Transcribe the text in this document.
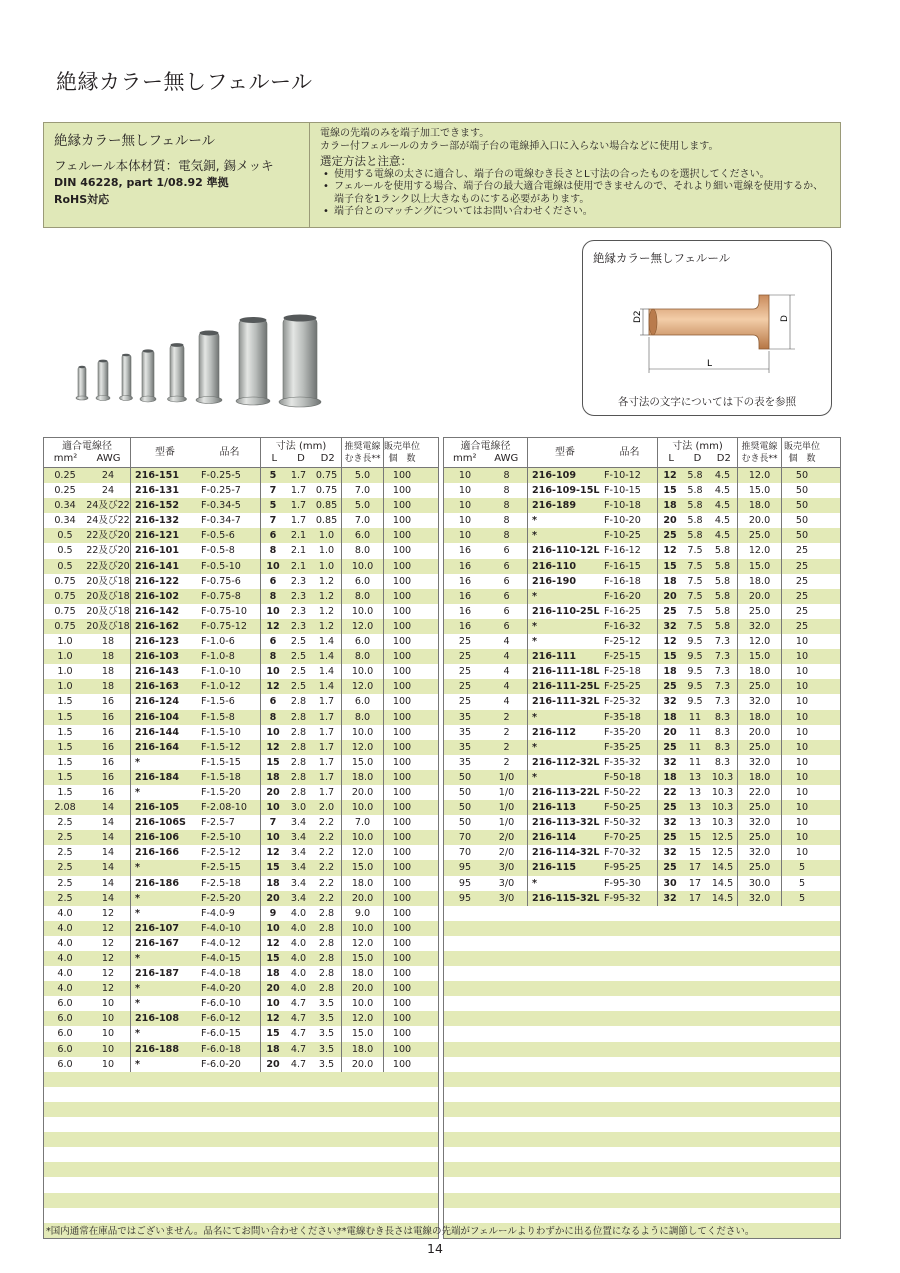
絶縁カラー無しフェルール
絶縁カラー無しフェルール
フェルール本体材質：電気銅, 錫メッキ
DIN 46228, part 1/08.92 準拠
RoHS対応
電線の先端のみを端子加工できます。
カラー付フェルールのカラー部が端子台の電線挿入口に入らない場合などに使用します。
選定方法と注意：
• 使用する電線の太さに適合し、端子台の電線むき長さとL寸法の合ったものを選択してください。
• フェルールを使用する場合、端子台の最大適合電線は使用できませんので、それより細い電線を使用するか、端子台を1ランク以上大きなものにする必要があります。
• 端子台とのマッチングについてはお問い合わせください。
絶縁カラー無しフェルール
D2	D
L
各寸法の文字については下の表を参照
適合電線径
mm²	AWG
型番	品名
寸法 (mm)
L	D	D2
推奨電線
むき長**
販売単位
個　数
0.25	24	216-151	F-0.25-5	5	1.7	0.75	5.0	100
0.25	24	216-131	F-0.25-7	7	1.7	0.75	7.0	100
0.34	24及び22 216-152	F-0.34-5	5	1.7	0.85	5.0	100
0.34	24及び22 216-132	F-0.34-7	7	1.7	0.85	7.0	100
0.5	22及び20 216-121	F-0.5-6	6	2.1	1.0	6.0	100
0.5	22及び20 216-101	F-0.5-8	8	2.1	1.0	8.0	100
0.5	22及び20 216-141	F-0.5-10	10	2.1	1.0	10.0	100
0.75	20及び18 216-122	F-0.75-6	6	2.3	1.2	6.0	100
0.75	20及び18 216-102	F-0.75-8	8	2.3	1.2	8.0	100
0.75	20及び18 216-142	F-0.75-10	10	2.3	1.2	10.0	100
0.75	20及び18 216-162	F-0.75-12	12	2.3	1.2	12.0	100
1.0	18	216-123	F-1.0-6	6	2.5	1.4	6.0	100
1.0	18	216-103	F-1.0-8	8	2.5	1.4	8.0	100
1.0	18	216-143	F-1.0-10	10	2.5	1.4	10.0	100
1.0	18	216-163	F-1.0-12	12	2.5	1.4	12.0	100
1.5	16	216-124	F-1.5-6	6	2.8	1.7	6.0	100
1.5	16	216-104	F-1.5-8	8	2.8	1.7	8.0	100
1.5	16	216-144	F-1.5-10	10	2.8	1.7	10.0	100
1.5	16	216-164	F-1.5-12	12	2.8	1.7	12.0	100
1.5	16	*	F-1.5-15	15	2.8	1.7	15.0	100
1.5	16	216-184	F-1.5-18	18	2.8	1.7	18.0	100
1.5	16	*	F-1.5-20	20	2.8	1.7	20.0	100
2.08	14	216-105	F-2.08-10	10	3.0	2.0	10.0	100
2.5	14	216-106S	F-2.5-7	7	3.4	2.2	7.0	100
2.5	14	216-106	F-2.5-10	10	3.4	2.2	10.0	100
2.5	14	216-166	F-2.5-12	12	3.4	2.2	12.0	100
2.5	14	*	F-2.5-15	15	3.4	2.2	15.0	100
2.5	14	216-186	F-2.5-18	18	3.4	2.2	18.0	100
2.5	14	*	F-2.5-20	20	3.4	2.2	20.0	100
4.0	12	*	F-4.0-9	9	4.0	2.8	9.0	100
4.0	12	216-107	F-4.0-10	10	4.0	2.8	10.0	100
4.0	12	216-167	F-4.0-12	12	4.0	2.8	12.0	100
4.0	12	*	F-4.0-15	15	4.0	2.8	15.0	100
4.0	12	216-187	F-4.0-18	18	4.0	2.8	18.0	100
4.0	12	*	F-4.0-20	20	4.0	2.8	20.0	100
6.0	10	*	F-6.0-10	10	4.7	3.5	10.0	100
6.0	10	216-108	F-6.0-12	12	4.7	3.5	12.0	100
6.0	10	*	F-6.0-15	15	4.7	3.5	15.0	100
6.0	10	216-188	F-6.0-18	18	4.7	3.5	18.0	100
6.0	10	*	F-6.0-20	20	4.7	3.5	20.0	100
適合電線径
mm²	AWG
型番	品名
寸法 (mm)
L	D	D2
推奨電線
むき長**
販売単位
個　数
10	8	216-109	F-10-12	12	5.8	4.5	12.0	50
10	8	216-109-15L F-10-15	15	5.8	4.5	15.0	50
10	8	216-189	F-10-18	18	5.8	4.5	18.0	50
10	8	*	F-10-20	20	5.8	4.5	20.0	50
10	8	*	F-10-25	25	5.8	4.5	25.0	50
16	6	216-110-12L F-16-12	12	7.5	5.8	12.0	25
16	6	216-110	F-16-15	15	7.5	5.8	15.0	25
16	6	216-190	F-16-18	18	7.5	5.8	18.0	25
16	6	*	F-16-20	20	7.5	5.8	20.0	25
16	6	216-110-25L F-16-25	25	7.5	5.8	25.0	25
16	6	*	F-16-32	32	7.5	5.8	32.0	25
25	4	*	F-25-12	12	9.5	7.3	12.0	10
25	4	216-111	F-25-15	15	9.5	7.3	15.0	10
25	4	216-111-18L F-25-18	18	9.5	7.3	18.0	10
25	4	216-111-25L F-25-25	25	9.5	7.3	25.0	10
25	4	216-111-32L F-25-32	32	9.5	7.3	32.0	10
35	2	*	F-35-18	18	11	8.3	18.0	10
35	2	216-112	F-35-20	20	11	8.3	20.0	10
35	2	*	F-35-25	25	11	8.3	25.0	10
35	2	216-112-32L F-35-32	32	11	8.3	32.0	10
50	1/0	*	F-50-18	18	13	10.3	18.0	10
50	1/0	216-113-22L F-50-22	22	13	10.3	22.0	10
50	1/0	216-113	F-50-25	25	13	10.3	25.0	10
50	1/0	216-113-32L F-50-32	32	13	10.3	32.0	10
70	2/0	216-114	F-70-25	25	15	12.5	25.0	10
70	2/0	216-114-32L F-70-32	32	15	12.5	32.0	10
95	3/0	216-115	F-95-25	25	17	14.5	25.0	5
95	3/0	*	F-95-30	30	17	14.5	30.0	5
95	3/0	216-115-32L F-95-32	32	17	14.5	32.0	5
*国内通常在庫品ではございません。品名にてお問い合わせください。
**電線むき長さは電線の先端がフェルールよりわずかに出る位置になるように調節してください。
14
